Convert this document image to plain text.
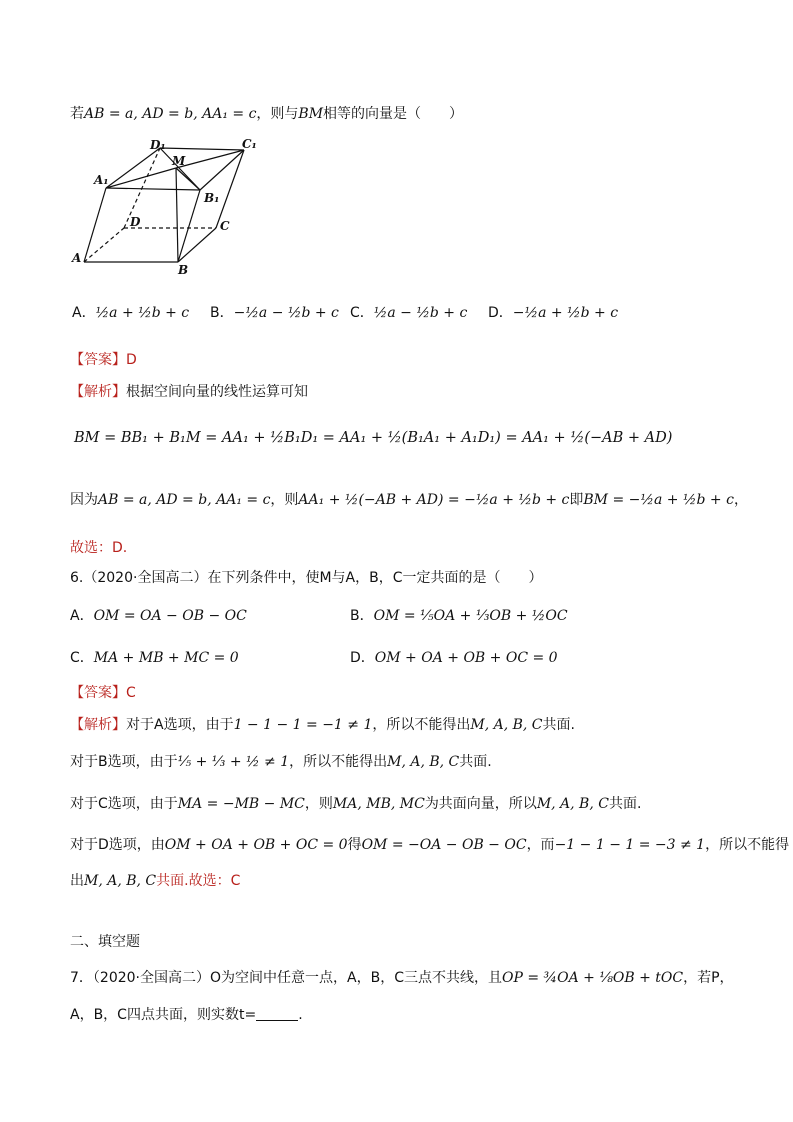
若AB = a, AD = b, AA₁ = c，则与BM相等的向量是（　　）
D₁
M
C₁
A₁
B₁
D	C
A
B
A．½a + ½b + c B．−½a − ½b + c C．½a − ½b + c D．−½a + ½b + c
【答案】D
【解析】根据空间向量的线性运算可知
BM = BB₁ + B₁M = AA₁ + ½B₁D₁ = AA₁ + ½(B₁A₁ + A₁D₁) = AA₁ + ½(−AB + AD)
因为AB = a, AD = b, AA₁ = c，则AA₁ + ½(−AB + AD) = −½a + ½b + c即BM = −½a + ½b + c，
故选：D.
6.（2020·全国高二）在下列条件中，使M与A，B，C一定共面的是（　　）
A．OM = OA − OB − OC	B．OM = ⅕OA + ⅓OB + ½OC
C．MA + MB + MC = 0	D．OM + OA + OB + OC = 0
【答案】C
【解析】对于A选项，由于1 − 1 − 1 = −1 ≠ 1，所以不能得出M, A, B, C共面.
对于B选项，由于⅕ + ⅓ + ½ ≠ 1，所以不能得出M, A, B, C共面.
对于C选项，由于MA = −MB − MC，则MA, MB, MC为共面向量，所以M, A, B, C共面.
对于D选项，由OM + OA + OB + OC = 0得OM = −OA − OB − OC，而−1 − 1 − 1 = −3 ≠ 1，所以不能得
出M, A, B, C共面.故选：C
二、填空题
7．（2020·全国高二）O为空间中任意一点，A，B，C三点不共线，且OP = ¾OA + ⅛OB + tOC，若P，
A，B，C四点共面，则实数t=	.
